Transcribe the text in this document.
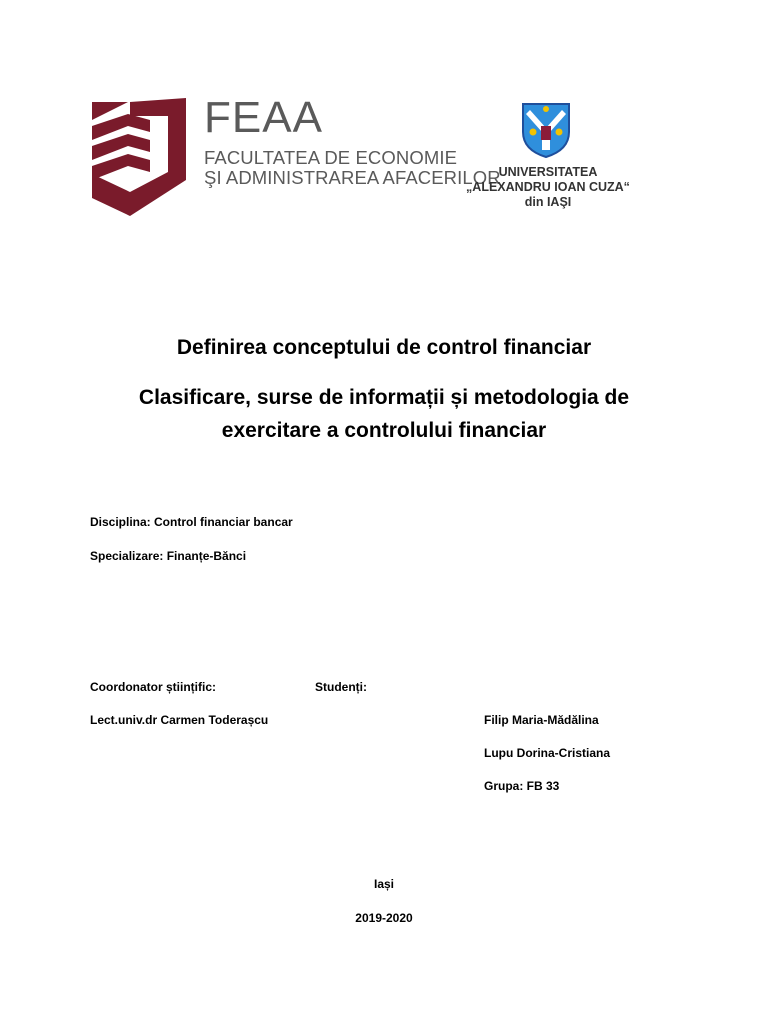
FEAA
FACULTATEA DE ECONOMIE
ŞI ADMINISTRAREA AFACERILOR
UNIVERSITATEA
„ALEXANDRU IOAN CUZA“
din IAŞI
Definirea conceptului de control financiar
Clasificare, surse de informații și metodologia de
exercitare a controlului financiar
Disciplina: Control financiar bancar
Specializare: Finanțe-Bănci
Coordonator științific:	Studenți:
Lect.univ.dr Carmen Toderașcu	Filip Maria-Mădălina
Lupu Dorina-Cristiana
Grupa: FB 33
Iași
2019-2020
